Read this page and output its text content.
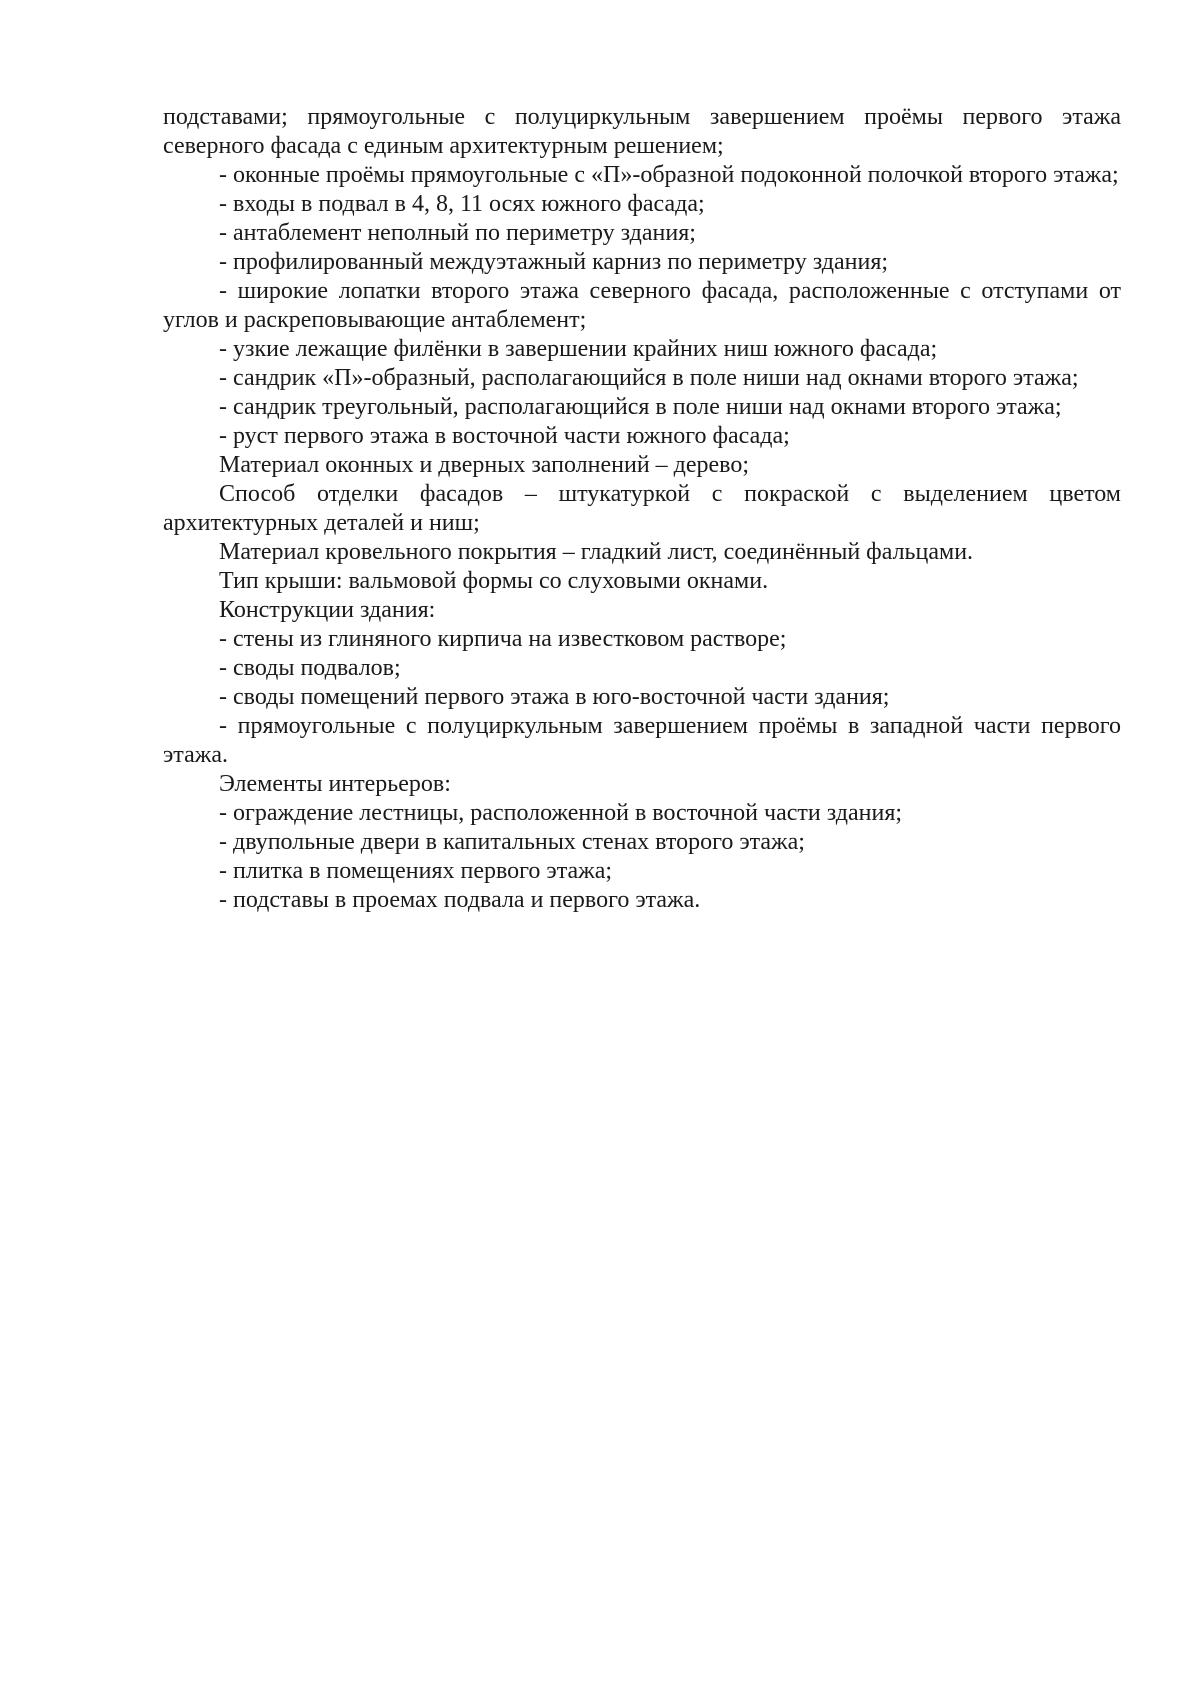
подставами; прямоугольные с полуциркульным завершением проёмы первого этажа северного фасада с единым архитектурным решением;

- оконные проёмы прямоугольные с «П»-образной подоконной полочкой второго этажа;

- входы в подвал в 4, 8, 11 осях южного фасада;

- антаблемент неполный по периметру здания;

- профилированный междуэтажный карниз по периметру здания;

- широкие лопатки второго этажа северного фасада, расположенные с отступами от углов и раскреповывающие антаблемент;

- узкие лежащие филёнки в завершении крайних ниш южного фасада;

- сандрик «П»-образный, располагающийся в поле ниши над окнами второго этажа;

- сандрик треугольный, располагающийся в поле ниши над окнами второго этажа;

- руст первого этажа в восточной части южного фасада;

Материал оконных и дверных заполнений – дерево;

Способ отделки фасадов – штукатуркой с покраской с выделением цветом архитектурных деталей и ниш;

Материал кровельного покрытия – гладкий лист, соединённый фальцами.

Тип крыши: вальмовой формы со слуховыми окнами.

Конструкции здания:

- стены из глиняного кирпича на известковом растворе;

- своды подвалов;

- своды помещений первого этажа в юго-восточной части здания;

- прямоугольные с полуциркульным завершением проёмы в западной части первого этажа.

Элементы интерьеров:

- ограждение лестницы, расположенной в восточной части здания;

- двупольные двери в капитальных стенах второго этажа;

- плитка в помещениях первого этажа;

- подставы в проемах подвала и первого этажа.
